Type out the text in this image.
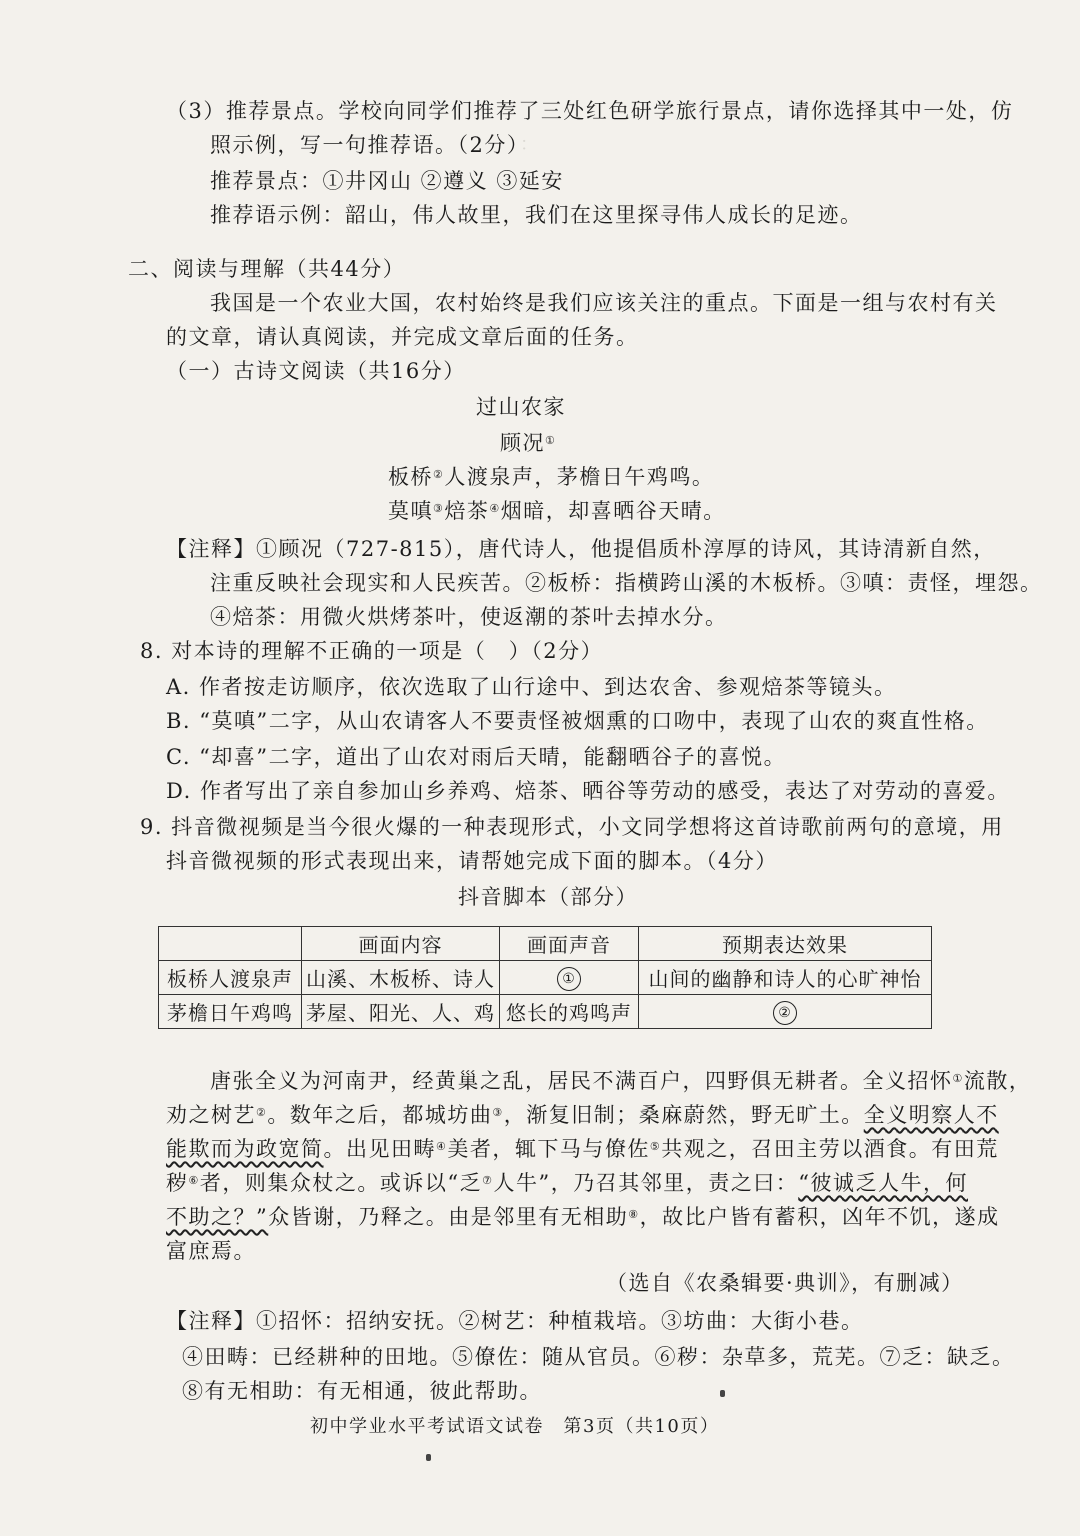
：　　　　　　　　　　　　

（3）推荐景点。学校向同学们推荐了三处红色研学旅行景点，请你选择其中一处，仿
照示例，写一句推荐语。（2分）
推荐景点：①井冈山 ②遵义 ③延安
推荐语示例：韶山，伟人故里，我们在这里探寻伟人成长的足迹。
二、阅读与理解（共44分）
我国是一个农业大国，农村始终是我们应该关注的重点。下面是一组与农村有关
的文章，请认真阅读，并完成文章后面的任务。
（一）古诗文阅读（共16分）
过山农家
顾况①
板桥②人渡泉声，茅檐日午鸡鸣。
莫嗔③焙茶④烟暗，却喜晒谷天晴。
【注释】①顾况（727-815），唐代诗人，他提倡质朴淳厚的诗风，其诗清新自然，
注重反映社会现实和人民疾苦。②板桥：指横跨山溪的木板桥。③嗔：责怪，埋怨。
④焙茶：用微火烘烤茶叶，使返潮的茶叶去掉水分。
8. 对本诗的理解不正确的一项是（　）（2分）
A. 作者按走访顺序，依次选取了山行途中、到达农舍、参观焙茶等镜头。
B. “莫嗔”二字，从山农请客人不要责怪被烟熏的口吻中，表现了山农的爽直性格。
C. “却喜”二字，道出了山农对雨后天晴，能翻晒谷子的喜悦。
D. 作者写出了亲自参加山乡养鸡、焙茶、晒谷等劳动的感受，表达了对劳动的喜爱。
9. 抖音微视频是当今很火爆的一种表现形式，小文同学想将这首诗歌前两句的意境，用
抖音微视频的形式表现出来，请帮她完成下面的脚本。（4分）
抖音脚本（部分）
	画面内容	画面声音	预期表达效果
板桥人渡泉声	山溪、木板桥、诗人	①	山间的幽静和诗人的心旷神怡
茅檐日午鸡鸣	茅屋、阳光、人、鸡	悠长的鸡鸣声	②
唐张全义为河南尹，经黄巢之乱，居民不满百户，四野俱无耕者。全义招怀①流散，
劝之树艺②。数年之后，都城坊曲③，渐复旧制；桑麻蔚然，野无旷土。全义明察人不
能欺而为政宽简。出见田畴④美者，辄下马与僚佐⑤共观之，召田主劳以酒食。有田荒
秽⑥者，则集众杖之。或诉以“乏⑦人牛”，乃召其邻里，责之曰：“彼诚乏人牛，何
不助之？”众皆谢，乃释之。由是邻里有无相助⑧，故比户皆有蓄积，凶年不饥，遂成
富庶焉。
（选自《农桑辑要·典训》，有删减）
【注释】①招怀：招纳安抚。②树艺：种植栽培。③坊曲：大街小巷。
④田畴：已经耕种的田地。⑤僚佐：随从官员。⑥秽：杂草多，荒芜。⑦乏：缺乏。
⑧有无相助：有无相通，彼此帮助。
初中学业水平考试语文试卷　第3页（共10页）
